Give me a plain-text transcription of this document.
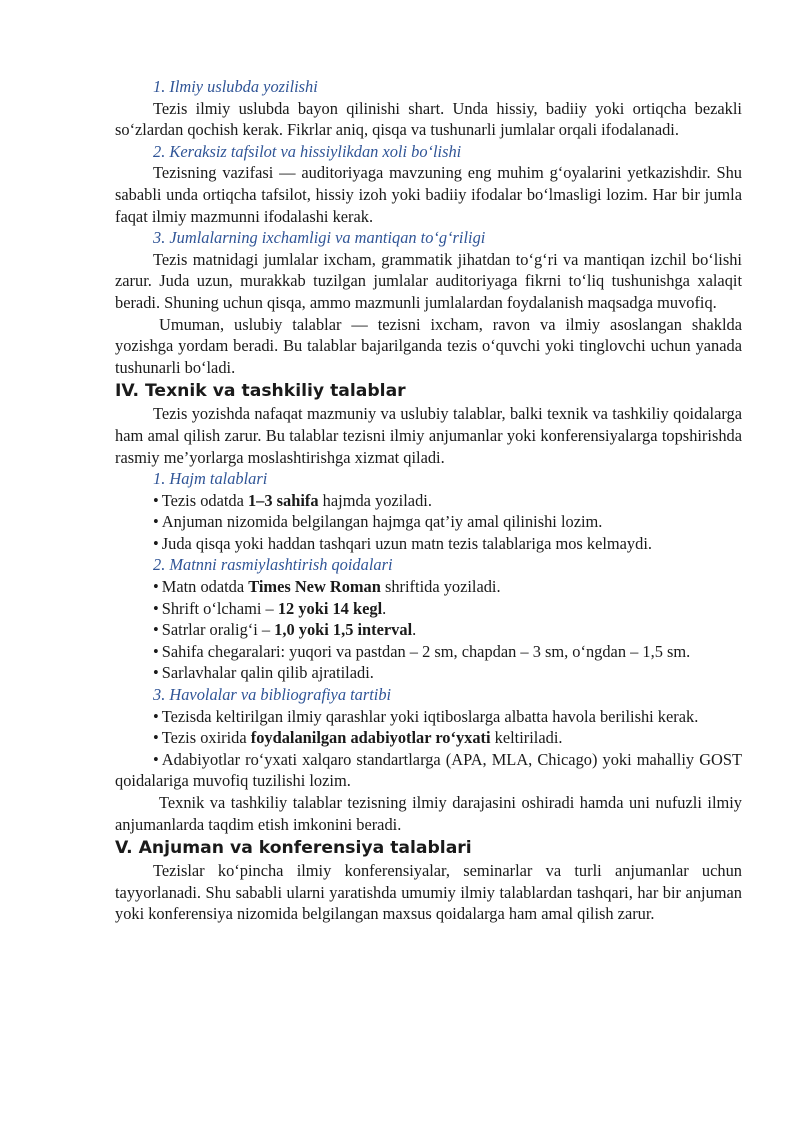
1. Ilmiy uslubda yozilishi

Tezis ilmiy uslubda bayon qilinishi shart. Unda hissiy, badiiy yoki ortiqcha bezakli so‘zlardan qochish kerak. Fikrlar aniq, qisqa va tushunarli jumlalar orqali ifodalanadi.

2. Keraksiz tafsilot va hissiylikdan xoli bo‘lishi

Tezisning vazifasi — auditoriyaga mavzuning eng muhim g‘oyalarini yetkazishdir. Shu sababli unda ortiqcha tafsilot, hissiy izoh yoki badiiy ifodalar bo‘lmasligi lozim. Har bir jumla faqat ilmiy mazmunni ifodalashi kerak.

3. Jumlalarning ixchamligi va mantiqan to‘g‘riligi

Tezis matnidagi jumlalar ixcham, grammatik jihatdan to‘g‘ri va mantiqan izchil bo‘lishi zarur. Juda uzun, murakkab tuzilgan jumlalar auditoriyaga fikrni to‘liq tushunishga xalaqit beradi. Shuning uchun qisqa, ammo mazmunli jumlalardan foydalanish maqsadga muvofiq.

Umuman, uslubiy talablar — tezisni ixcham, ravon va ilmiy asoslangan shaklda yozishga yordam beradi. Bu talablar bajarilganda tezis o‘quvchi yoki tinglovchi uchun yanada tushunarli bo‘ladi.

IV. Texnik va tashkiliy talablar

Tezis yozishda nafaqat mazmuniy va uslubiy talablar, balki texnik va tashkiliy qoidalarga ham amal qilish zarur. Bu talablar tezisni ilmiy anjumanlar yoki konferensiyalarga topshirishda rasmiy me’yorlarga moslashtirishga xizmat qiladi.

1. Hajm talablari

• Tezis odatda 1–3 sahifa hajmda yoziladi.

• Anjuman nizomida belgilangan hajmga qat’iy amal qilinishi lozim.

• Juda qisqa yoki haddan tashqari uzun matn tezis talablariga mos kelmaydi.

2. Matnni rasmiylashtirish qoidalari

• Matn odatda Times New Roman shriftida yoziladi.

• Shrift o‘lchami – 12 yoki 14 kegl.

• Satrlar oralig‘i – 1,0 yoki 1,5 interval.

• Sahifa chegaralari: yuqori va pastdan – 2 sm, chapdan – 3 sm, o‘ngdan – 1,5 sm.

• Sarlavhalar qalin qilib ajratiladi.

3. Havolalar va bibliografiya tartibi

• Tezisda keltirilgan ilmiy qarashlar yoki iqtiboslarga albatta havola berilishi kerak.

• Tezis oxirida foydalanilgan adabiyotlar ro‘yxati keltiriladi.

• Adabiyotlar ro‘yxati xalqaro standartlarga (APA, MLA, Chicago) yoki mahalliy GOST qoidalariga muvofiq tuzilishi lozim.

Texnik va tashkiliy talablar tezisning ilmiy darajasini oshiradi hamda uni nufuzli ilmiy anjumanlarda taqdim etish imkonini beradi.

V. Anjuman va konferensiya talablari

Tezislar ko‘pincha ilmiy konferensiyalar, seminarlar va turli anjumanlar uchun tayyorlanadi. Shu sababli ularni yaratishda umumiy ilmiy talablardan tashqari, har bir anjuman yoki konferensiya nizomida belgilangan maxsus qoidalarga ham amal qilish zarur.
